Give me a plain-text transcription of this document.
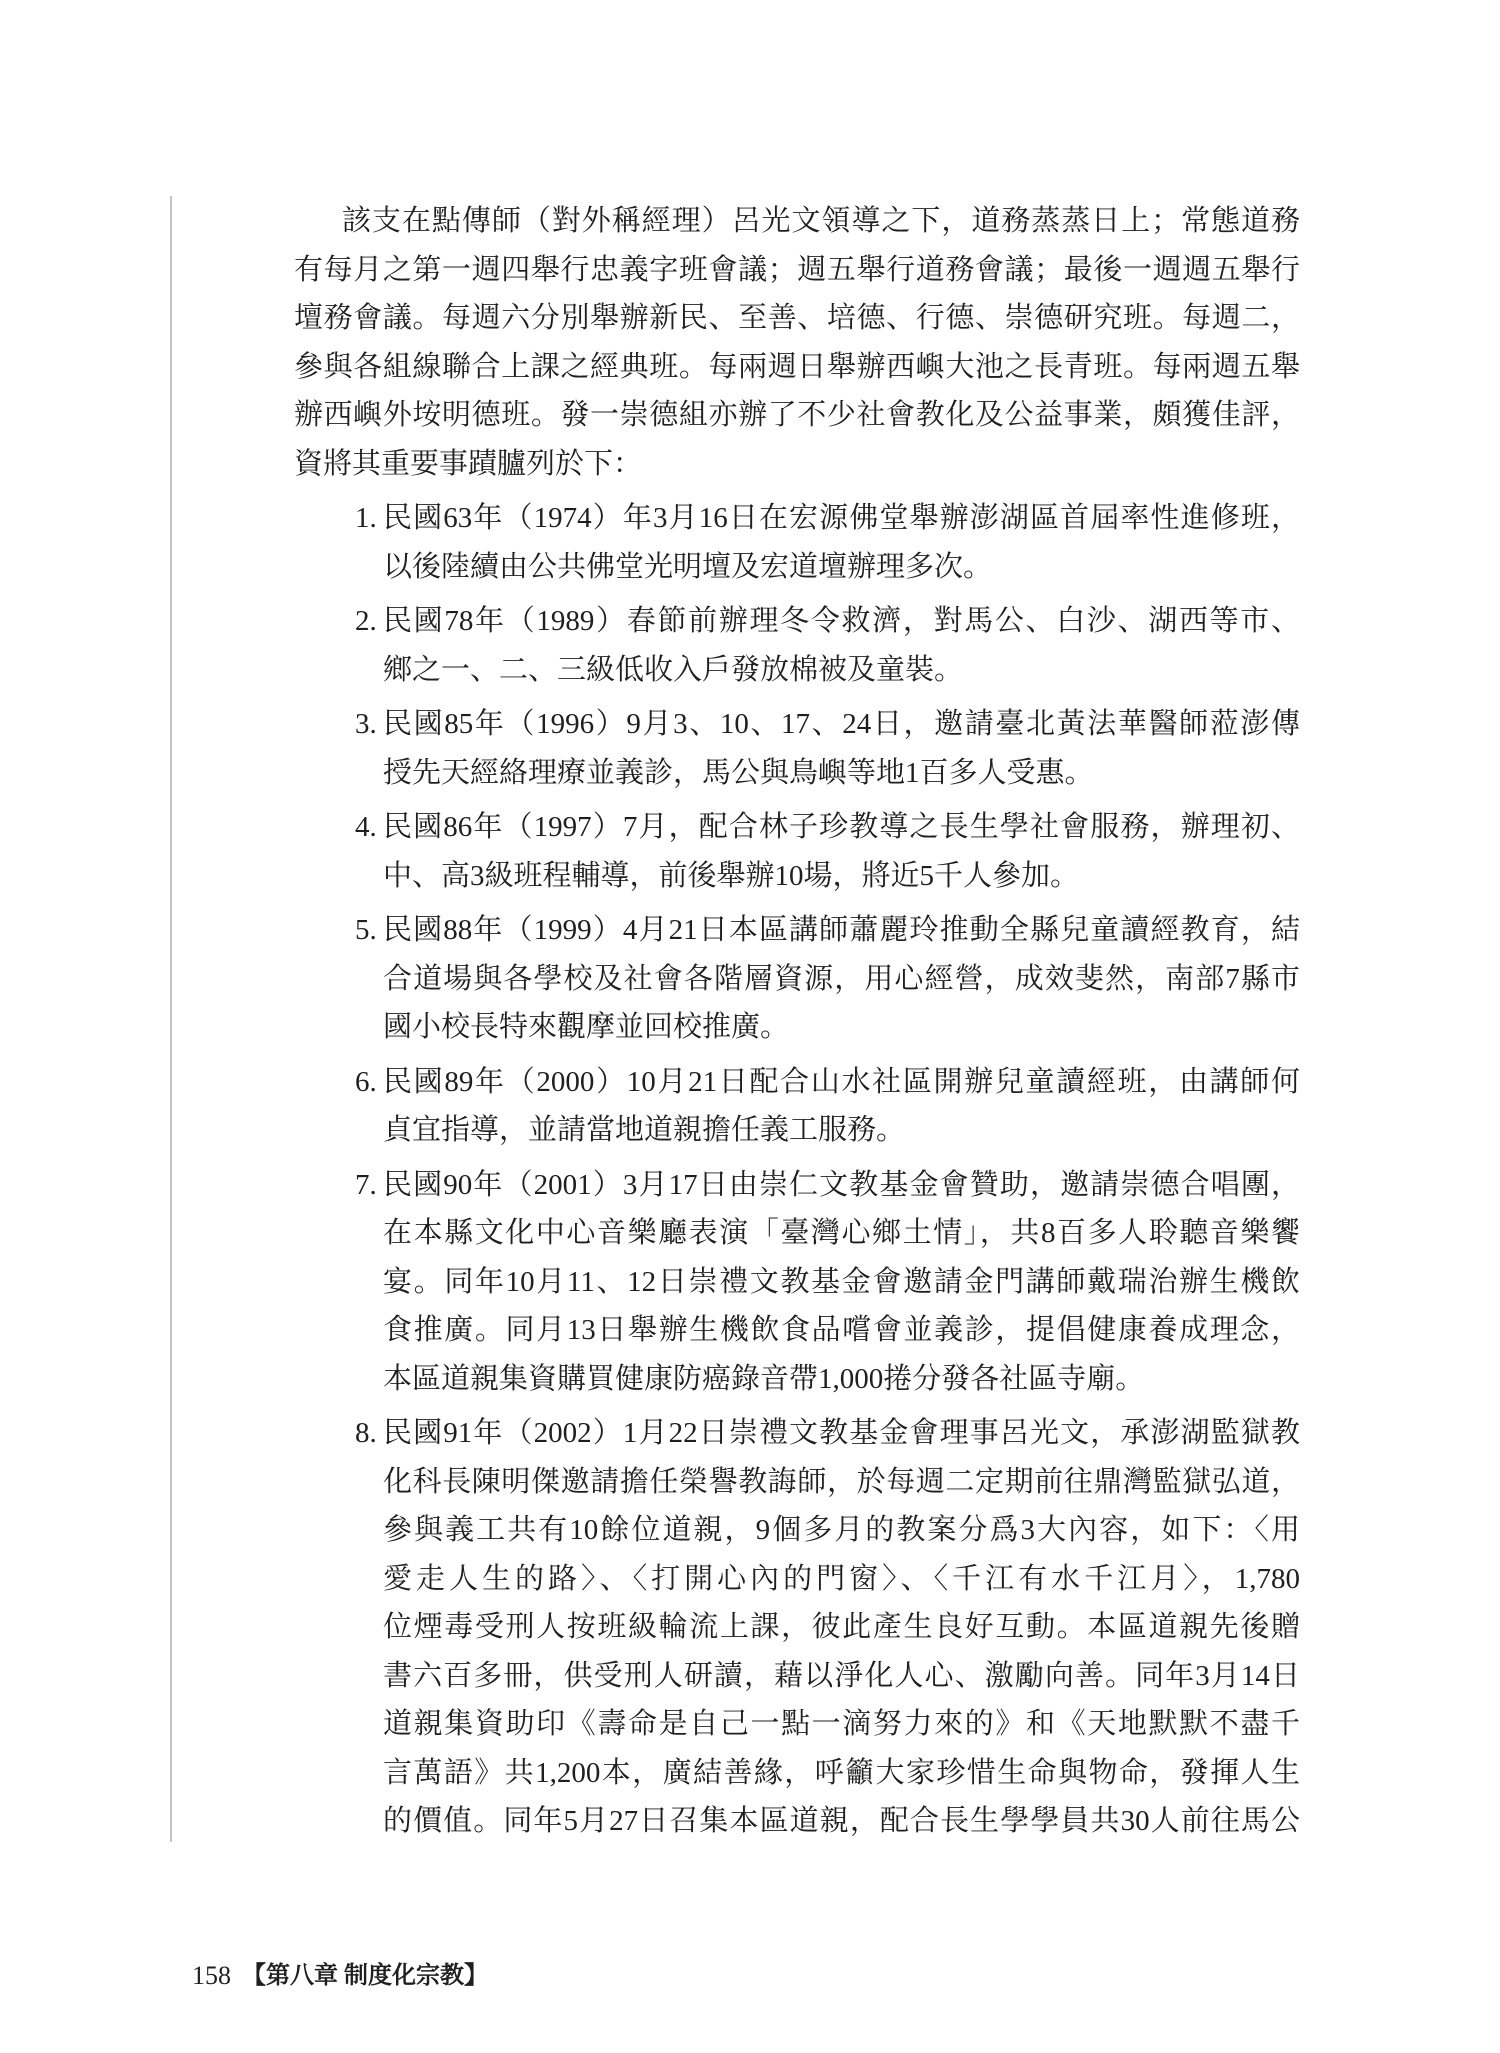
該支在點傳師（對外稱經理）呂光文領導之下，道務蒸蒸日上；常態道務
有每月之第一週四舉行忠義字班會議；週五舉行道務會議；最後一週週五舉行
壇務會議。每週六分別舉辦新民、至善、培德、行德、崇德研究班。每週二，
參與各組線聯合上課之經典班。每兩週日舉辦西嶼大池之長青班。每兩週五舉
辦西嶼外垵明德班。發一崇德組亦辦了不少社會教化及公益事業，頗獲佳評，
資將其重要事蹟臚列於下：
1. 民國63年（1974）年3月16日在宏源佛堂舉辦澎湖區首屆率性進修班，
以後陸續由公共佛堂光明壇及宏道壇辦理多次。
2. 民國78年（1989）春節前辦理冬令救濟，對馬公、白沙、湖西等市、
鄉之一、二、三級低收入戶發放棉被及童裝。
3. 民國85年（1996）9月3、10、17、24日，邀請臺北黃法華醫師蒞澎傳
授先天經絡理療並義診，馬公與鳥嶼等地1百多人受惠。
4. 民國86年（1997）7月，配合林子珍教導之長生學社會服務，辦理初、
中、高3級班程輔導，前後舉辦10場，將近5千人參加。
5. 民國88年（1999）4月21日本區講師蕭麗玲推動全縣兒童讀經教育，結
合道場與各學校及社會各階層資源，用心經營，成效斐然，南部7縣市
國小校長特來觀摩並回校推廣。
6. 民國89年（2000）10月21日配合山水社區開辦兒童讀經班，由講師何
貞宜指導，並請當地道親擔任義工服務。
7. 民國90年（2001）3月17日由崇仁文教基金會贊助，邀請崇德合唱團，
在本縣文化中心音樂廳表演「臺灣心鄉土情」，共8百多人聆聽音樂饗
宴。同年10月11、12日崇禮文教基金會邀請金門講師戴瑞治辦生機飲
食推廣。同月13日舉辦生機飲食品嚐會並義診，提倡健康養成理念，
本區道親集資購買健康防癌錄音帶1,000捲分發各社區寺廟。
8. 民國91年（2002）1月22日崇禮文教基金會理事呂光文，承澎湖監獄教
化科長陳明傑邀請擔任榮譽教誨師，於每週二定期前往鼎灣監獄弘道，
參與義工共有10餘位道親，9個多月的教案分爲3大內容，如下：〈用
愛走人生的路〉、〈打開心內的門窗〉、〈千江有水千江月〉，1,780
位煙毒受刑人按班級輪流上課，彼此產生良好互動。本區道親先後贈
書六百多冊，供受刑人研讀，藉以淨化人心、激勵向善。同年3月14日
道親集資助印《壽命是自己一點一滴努力來的》和《天地默默不盡千
言萬語》共1,200本，廣結善緣，呼籲大家珍惜生命與物命，發揮人生
的價值。同年5月27日召集本區道親，配合長生學學員共30人前往馬公
158 【第八章 制度化宗教】
